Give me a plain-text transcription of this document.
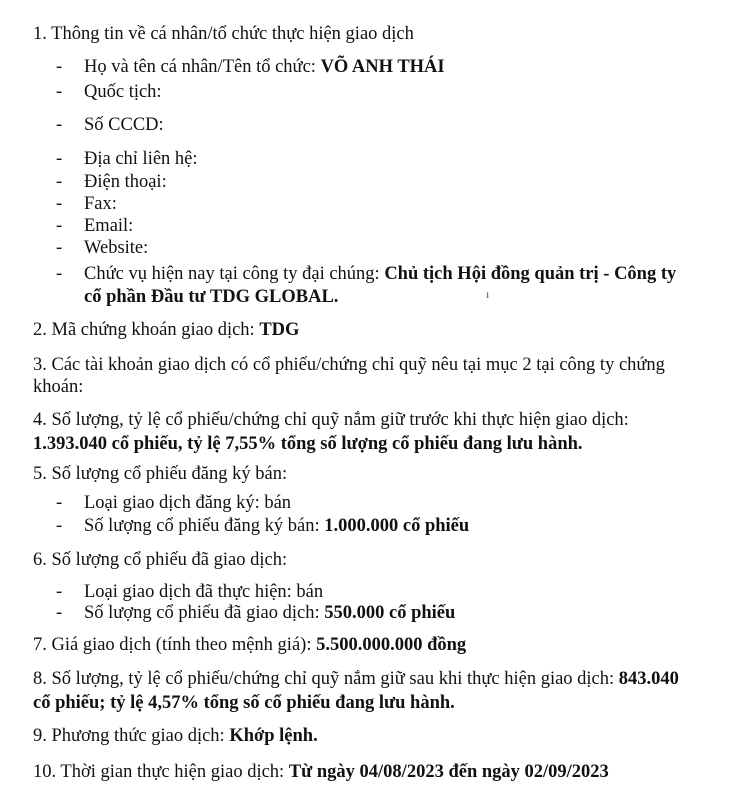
1. Thông tin về cá nhân/tổ chức thực hiện giao dịch
- Họ và tên cá nhân/Tên tổ chức: VÕ ANH THÁI
- Quốc tịch:
- Số CCCD:
- Địa chỉ liên hệ:
- Điện thoại:
- Fax:
- Email:
- Website:
- Chức vụ hiện nay tại công ty đại chúng: Chủ tịch Hội đồng quản trị - Công ty
cổ phần Đầu tư TDG GLOBAL.	ı
2. Mã chứng khoán giao dịch: TDG
3. Các tài khoản giao dịch có cổ phiếu/chứng chỉ quỹ nêu tại mục 2 tại công ty chứng
khoán:
4. Số lượng, tỷ lệ cổ phiếu/chứng chỉ quỹ nắm giữ trước khi thực hiện giao dịch:
1.393.040 cổ phiếu, tỷ lệ 7,55% tổng số lượng cổ phiếu đang lưu hành.
5. Số lượng cổ phiếu đăng ký bán:
- Loại giao dịch đăng ký: bán
- Số lượng cổ phiếu đăng ký bán: 1.000.000 cổ phiếu
6. Số lượng cổ phiếu đã giao dịch:
- Loại giao dịch đã thực hiện: bán
- Số lượng cổ phiếu đã giao dịch: 550.000 cổ phiếu
7. Giá giao dịch (tính theo mệnh giá): 5.500.000.000 đồng
8. Số lượng, tỷ lệ cổ phiếu/chứng chỉ quỹ nắm giữ sau khi thực hiện giao dịch: 843.040
cổ phiếu; tỷ lệ 4,57% tổng số cổ phiếu đang lưu hành.
9. Phương thức giao dịch: Khớp lệnh.
10. Thời gian thực hiện giao dịch: Từ ngày 04/08/2023 đến ngày 02/09/2023
